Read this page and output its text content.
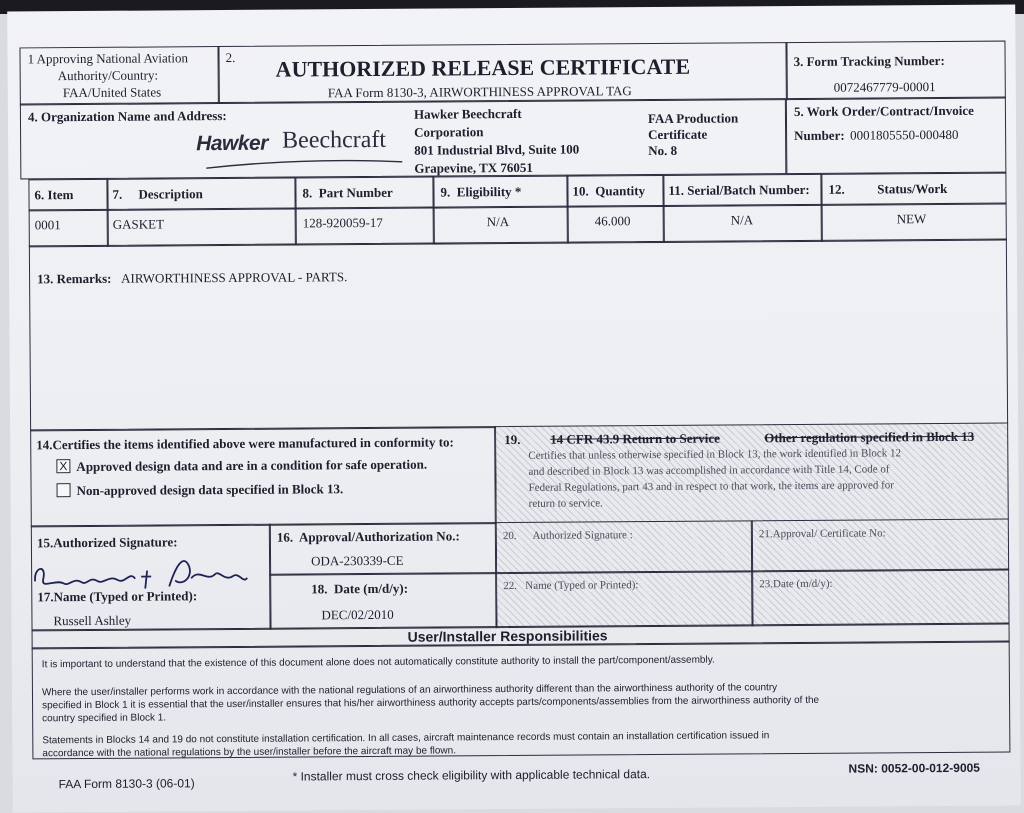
1 Approving National Aviation
Authority/Country:
FAA/United States
2. AUTHORIZED RELEASE CERTIFICATE
FAA Form 8130-3, AIRWORTHINESS APPROVAL TAG
3. Form Tracking Number:
0072467779-00001
4. Organization Name and Address:
Hawker Beechcraft
Hawker Beechcraft
Corporation
801 Industrial Blvd, Suite 100
Grapevine, TX 76051
FAA Production
Certificate
No. 8
5. Work Order/Contract/Invoice
Number: 0001805550-000480
6. Item	7.     Description	8.  Part Number	9.  Eligibility *	10.  Quantity 11. Serial/Batch Number: 12.          Status/Work
0001	GASKET	128-920059-17	N/A	46.000	N/A	NEW
13. Remarks: AIRWORTHINESS APPROVAL - PARTS.
14.Certifies the items identified above were manufactured in conformity to:
X Approved design data and are in a condition for safe operation.
Non-approved design data specified in Block 13.
19. 14 CFR 43.9 Return to Service	Other regulation specified in Block 13
Certifies that unless otherwise specified in Block 13, the work identified in Block 12
and described in Block 13 was accomplished in accordance with Title 14, Code of
Federal Regulations, part 43 and in respect to that work, the items are approved for
return to service.
15.Authorized Signature:
17.Name (Typed or Printed):
Russell Ashley
16.  Approval/Authorization No.:
ODA-230339-CE
18.  Date (m/d/y):
DEC/02/2010
20.      Authorized Signature :	21.Approval/ Certificate No:
22.   Name (Typed or Printed):	23.Date (m/d/y):
User/Installer Responsibilities
It is important to understand that the existence of this document alone does not automatically constitute authority to install the part/component/assembly.
Where the user/installer performs work in accordance with the national regulations of an airworthiness authority different than the airworthiness authority of the country
specified in Block 1 it is essential that the user/installer ensures that his/her airworthiness authority accepts parts/components/assemblies from the airworthiness authority of the
country specified in Block 1.
Statements in Blocks 14 and 19 do not constitute installation certification. In all cases, aircraft maintenance records must contain an installation certification issued in
accordance with the national regulations by the user/installer before the aircraft may be flown.
FAA Form 8130-3 (06-01)
* Installer must cross check eligibility with applicable technical data.	NSN: 0052-00-012-9005
